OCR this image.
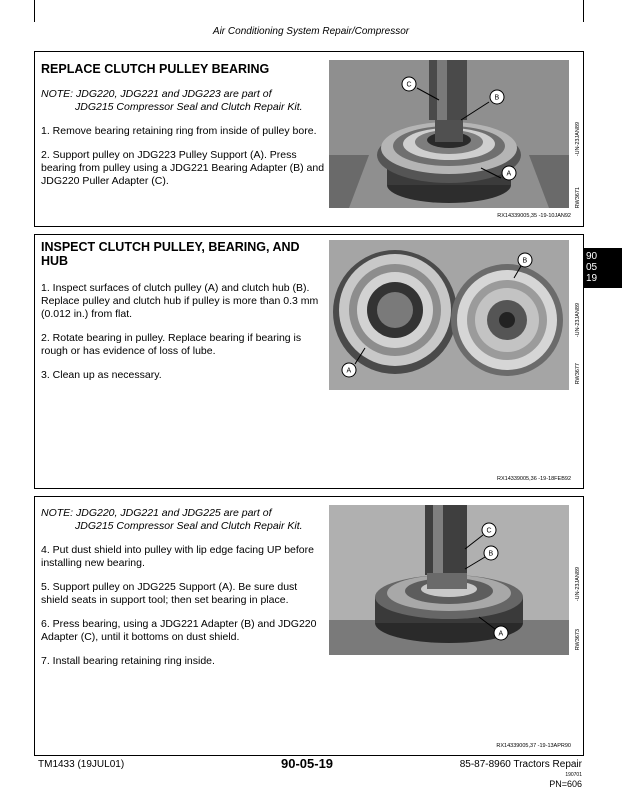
Air Conditioning System Repair/Compressor

REPLACE CLUTCH PULLEY BEARING

NOTE: JDG220, JDG221 and JDG223 are part of
JDG215 Compressor Seal and Clutch Repair Kit.

1. Remove bearing retaining ring from inside of pulley bore.

2. Support pulley on JDG223 Pulley Support (A). Press bearing from pulley using a JDG221 Bearing Adapter (B) and JDG220 Puller Adapter (C).

C
B
A
-UN-23JAN89
RW3671
RX14339005,35 -19-10JAN92

INSPECT CLUTCH PULLEY, BEARING, AND HUB

1. Inspect surfaces of clutch pulley (A) and clutch hub (B). Replace pulley and clutch hub if pulley is more than 0.3 mm (0.012 in.) from flat.

2. Rotate bearing in pulley. Replace bearing if bearing is rough or has evidence of loss of lube.

3. Clean up as necessary.

B
A
-UN-23JAN89
RW3677
RX14339005,36 -19-18FEB92
90
05
19

NOTE: JDG220, JDG221 and JDG225 are part of
JDG215 Compressor Seal and Clutch Repair Kit.

4. Put dust shield into pulley with lip edge facing UP before installing new bearing.

5. Support pulley on JDG225 Support (A). Be sure dust shield seats in support tool; then set bearing in place.

6. Press bearing, using a JDG221 Adapter (B) and JDG220 Adapter (C), until it bottoms on dust shield.

7. Install bearing retaining ring inside.

C
B
A
-UN-23JAN89
RW3673
RX14339005,37 -19-13APR90
TM1433 (19JUL01)	90-05-19	85-87-8960 Tractors Repair
190701
PN=606
